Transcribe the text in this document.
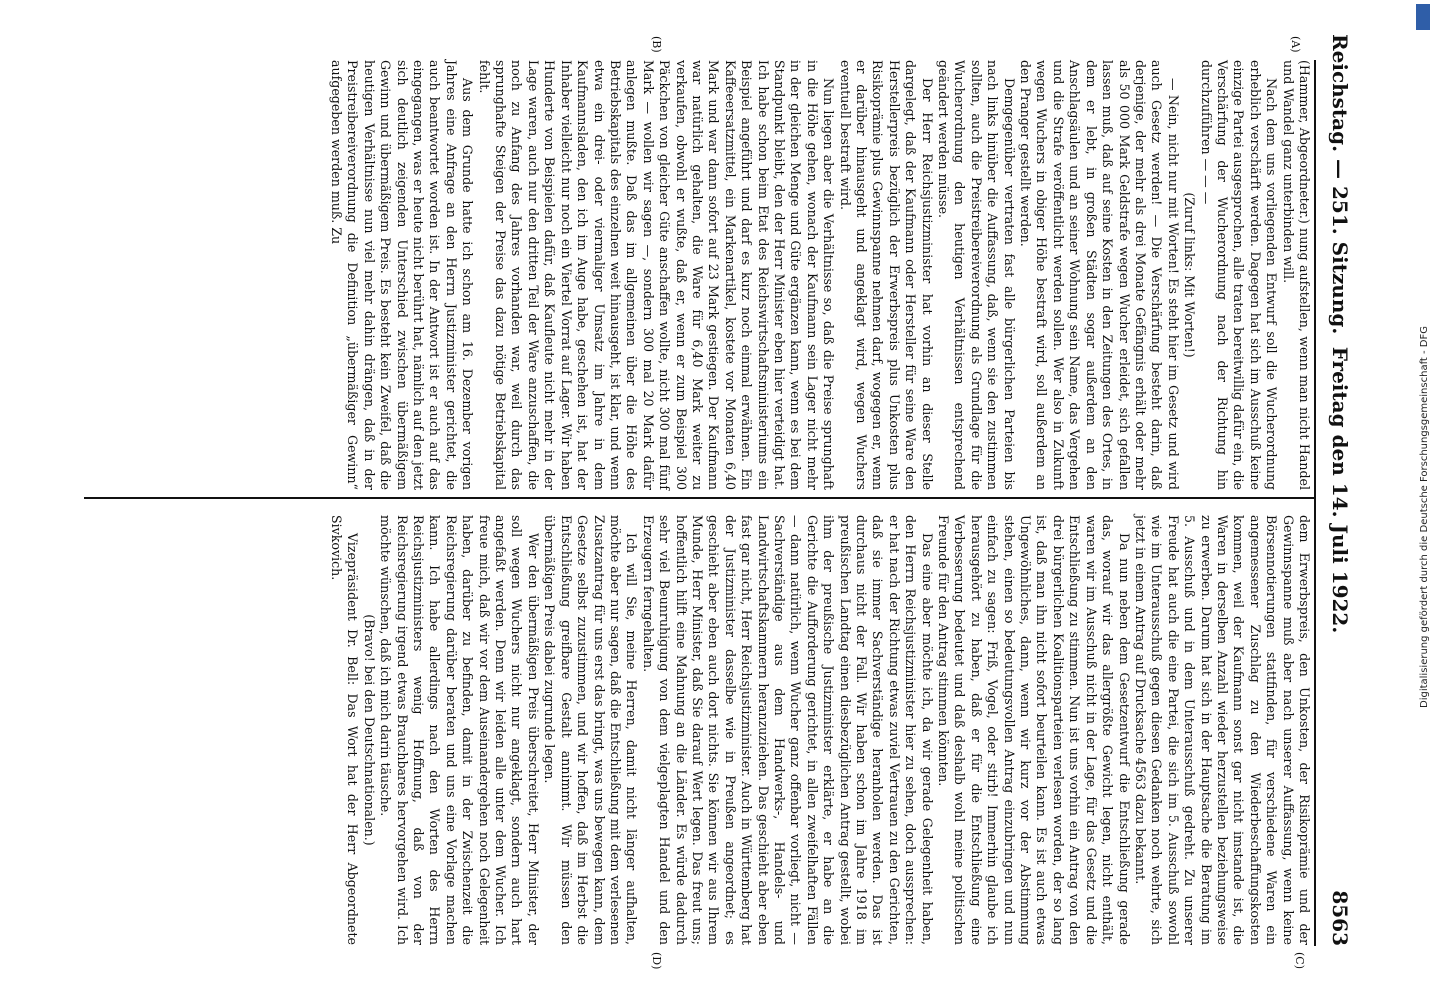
Reichstag. — 251. Sitzung.
Freitag den 14. Juli 1922.
8563
(A)
(B)
(C)
(D)

(Hammer, Abgeordneter.) nung aufstellen, wenn man nicht Handel und Wandel ganz unterbinden will.

Nach dem uns vorliegenden Entwurf soll die Wucherordnung erheblich verschärft werden. Dagegen hat sich im Ausschuß keine einzige Partei ausgesprochen, alle traten bereitwillig dafür ein, die Verschärfung der Wucherordnung nach der Richtung hin durchzuführen — — —

(Zuruf links: Mit Worten!)

— Nein, nicht nur mit Worten! Es steht hier im Gesetz und wird auch Gesetz werden! — Die Verschärfung besteht darin, daß derjenige, der mehr als drei Monate Gefängnis erhält oder mehr als 50 000 Mark Geldstrafe wegen Wucher erleidet, sich gefallen lassen muß, daß auf seine Kosten in den Zeitungen des Ortes, in dem er lebt, in großen Städten sogar außerdem an den Anschlagsäulen und an seiner Wohnung sein Name, das Vergehen und die Strafe veröffentlicht werden sollen. Wer also in Zukunft wegen Wuchers in obiger Höhe bestraft wird, soll außerdem an den Pranger gestellt werden.

Demgegenüber vertraten fast alle bürgerlichen Parteien bis nach links hinüber die Auffassung, daß, wenn sie den zustimmen sollten, auch die Preistreibereiverordnung als Grundlage für die Wucherordnung den heutigen Verhältnissen entsprechend geändert werden müsse.

Der Herr Reichsjustizminister hat vorhin an dieser Stelle dargelegt, daß der Kaufmann oder Hersteller für seine Ware den Herstellerpreis bezüglich der Erwerbspreis plus Unkosten plus Risikoprämie plus Gewinnspanne nehmen darf, wogegen er, wenn er darüber hinausgeht und angeklagt wird, wegen Wuchers eventuell bestraft wird.

Nun liegen aber die Verhältnisse so, daß die Preise sprunghaft in die Höhe gehen, wonach der Kaufmann sein Lager nicht mehr in der gleichen Menge und Güte ergänzen kann, wenn es bei dem Standpunkt bleibt, den der Herr Minister eben hier verteidigt hat. Ich habe schon beim Etat des Reichswirtschaftsministeriums ein Beispiel angeführt und darf es kurz noch einmal erwähnen. Ein Kaffeeersatzmittel, ein Markenartikel, kostete vor Monaten 6,40 Mark und war dann sofort auf 23 Mark gestiegen. Der Kaufmann war natürlich gehalten, die Ware für 6,40 Mark weiter zu verkaufen, obwohl er wußte, daß er, wenn er zum Beispiel 300 Päckchen von gleicher Güte anschaffen wollte, nicht 300 mal fünf Mark — wollen wir sagen —, sondern 300 mal 20 Mark dafür anlegen mußte. Daß das im allgemeinen über die Höhe des Betriebskapitals des einzelnen weit hinausgeht, ist klar, und wenn etwa ein drei- oder viermaliger Umsatz im Jahre in dem Kaufmannsladen, den ich im Auge habe, geschehen ist, hat der Inhaber vielleicht nur noch ein Viertel Vorrat auf Lager. Wir haben Hunderte von Beispielen dafür, daß Kaufleute nicht mehr in der Lage waren, auch nur den dritten Teil der Ware anzuschaffen, die noch zu Anfang des Jahres vorhanden war, weil durch das sprunghafte Steigen der Preise das dazu nötige Betriebskapital fehlt.

Aus dem Grunde hatte ich schon am 16. Dezember vorigen Jahres eine Anfrage an den Herrn Justizminister gerichtet, die auch beantwortet worden ist. In der Antwort ist er auch auf das eingegangen, was er heute nicht berührt hat, nämlich auf den jetzt sich deutlich zeigenden Unterschied zwischen übermäßigem Gewinn und übermäßigem Preis. Es besteht kein Zweifel, daß die heutigen Verhältnisse nun viel mehr dahin drängen, daß in der Preistreibereiverordnung die Definition „übermäßiger Gewinn“ aufgegeben werden muß. Zu

dem Erwerbspreis, den Unkosten, der Risikoprämie und der Gewinnspanne muß aber nach unserer Auffassung, wenn keine Börsennotierungen stattfinden, für verschiedene Waren ein angemessener Zuschlag zu den Wiederbeschaffungskosten kommen, weil der Kaufmann sonst gar nicht imstande ist, die Waren in derselben Anzahl wieder herzustellen beziehungsweise zu erwerben. Darum hat sich in der Hauptsache die Beratung im 5. Ausschuß und in dem Unterausschuß gedreht. Zu unserer Freude hat auch die eine Partei, die sich im 5. Ausschuß sowohl wie im Unterausschuß gegen diesen Gedanken noch wehrte, sich jetzt in einem Antrag auf Drucksache 4563 dazu bekannt.

Da nun neben dem Gesetzentwurf die Entschließung gerade das, worauf wir das allergrößte Gewicht legen, nicht enthält, waren wir im Ausschuß nicht in der Lage, für das Gesetz und die Entschließung zu stimmen. Nun ist uns vorhin ein Antrag von den drei bürgerlichen Koalitionsparteien verlesen worden, der so lang ist, daß man ihn nicht sofort beurteilen kann. Es ist auch etwas Ungewöhnliches, dann, wenn wir kurz vor der Abstimmung stehen, einen so bedeutungsvollen Antrag einzubringen und nun einfach zu sagen: Friß, Vogel, oder stirb! Immerhin glaube ich herausgehört zu haben, daß er für die Entschließung eine Verbesserung bedeutet und daß deshalb wohl meine politischen Freunde für den Antrag stimmen könnten.

Das eine aber möchte ich, da wir gerade Gelegenheit haben, den Herrn Reichsjustizminister hier zu sehen, doch aussprechen: er hat nach der Richtung etwas zuviel Vertrauen zu den Gerichten, daß sie immer Sachverständige heranholen werden. Das ist durchaus nicht der Fall. Wir haben schon im Jahre 1918 im preußischen Landtag einen diesbezüglichen Antrag gestellt, wobei ihm der preußische Justizminister erklärte, er habe an die Gerichte die Aufforderung gerichtet, in allen zweifelhaften Fällen — dann natürlich, wenn Wucher ganz offenbar vorliegt, nicht — Sachverständige aus dem Handwerks-, Handels- und Landwirtschaftskammern heranzuziehen. Das geschieht aber eben fast gar nicht, Herr Reichsjustizminister. Auch in Württemberg hat der Justizminister dasselbe wie in Preußen angeordnet; es geschieht aber eben auch dort nichts. Sie können wir aus Ihrem Munde, Herr Minister, daß Sie darauf Wert legen. Das freut uns; hoffentlich hilft eine Mahnung an die Länder. Es würde dadurch sehr viel Beunruhigung von dem vielgeplagten Handel und den Erzeugern ferngehalten.

Ich will Sie, meine Herren, damit nicht länger aufhalten, möchte aber nur sagen, daß die Entschließung mit dem verlesenen Zusatzantrag für uns erst das bringt, was uns bewegen kann, dem Gesetze selbst zuzustimmen, und wir hoffen, daß im Herbst die Entschließung greifbare Gestalt annimmt. Wir müssen den übermäßigen Preis dabei zugrunde legen.

Wer den übermäßigen Preis überschreitet, Herr Minister, der soll wegen Wuchers nicht nur angeklagt, sondern auch hart angefaßt werden. Denn wir leiden alle unter dem Wucher. Ich freue mich, daß wir vor dem Auseinandergehen noch Gelegenheit haben, darüber zu befinden, damit in der Zwischenzeit die Reichsregierung darüber beraten und uns eine Vorlage machen kann. Ich habe allerdings nach den Worten des Herrn Reichsjustizministers wenig Hoffnung, daß von der Reichsregierung irgend etwas Brauchbares hervorgehen wird. Ich möchte wünschen, daß ich mich darin täusche.

(Bravo! bei den Deutschnationalen.)

Vizepräsident Dr. Bell: Das Wort hat der Herr Abgeordnete Sivkovich.	Digitalisierung gefördert durch die Deutsche Forschungsgemeinschaft - DFG
